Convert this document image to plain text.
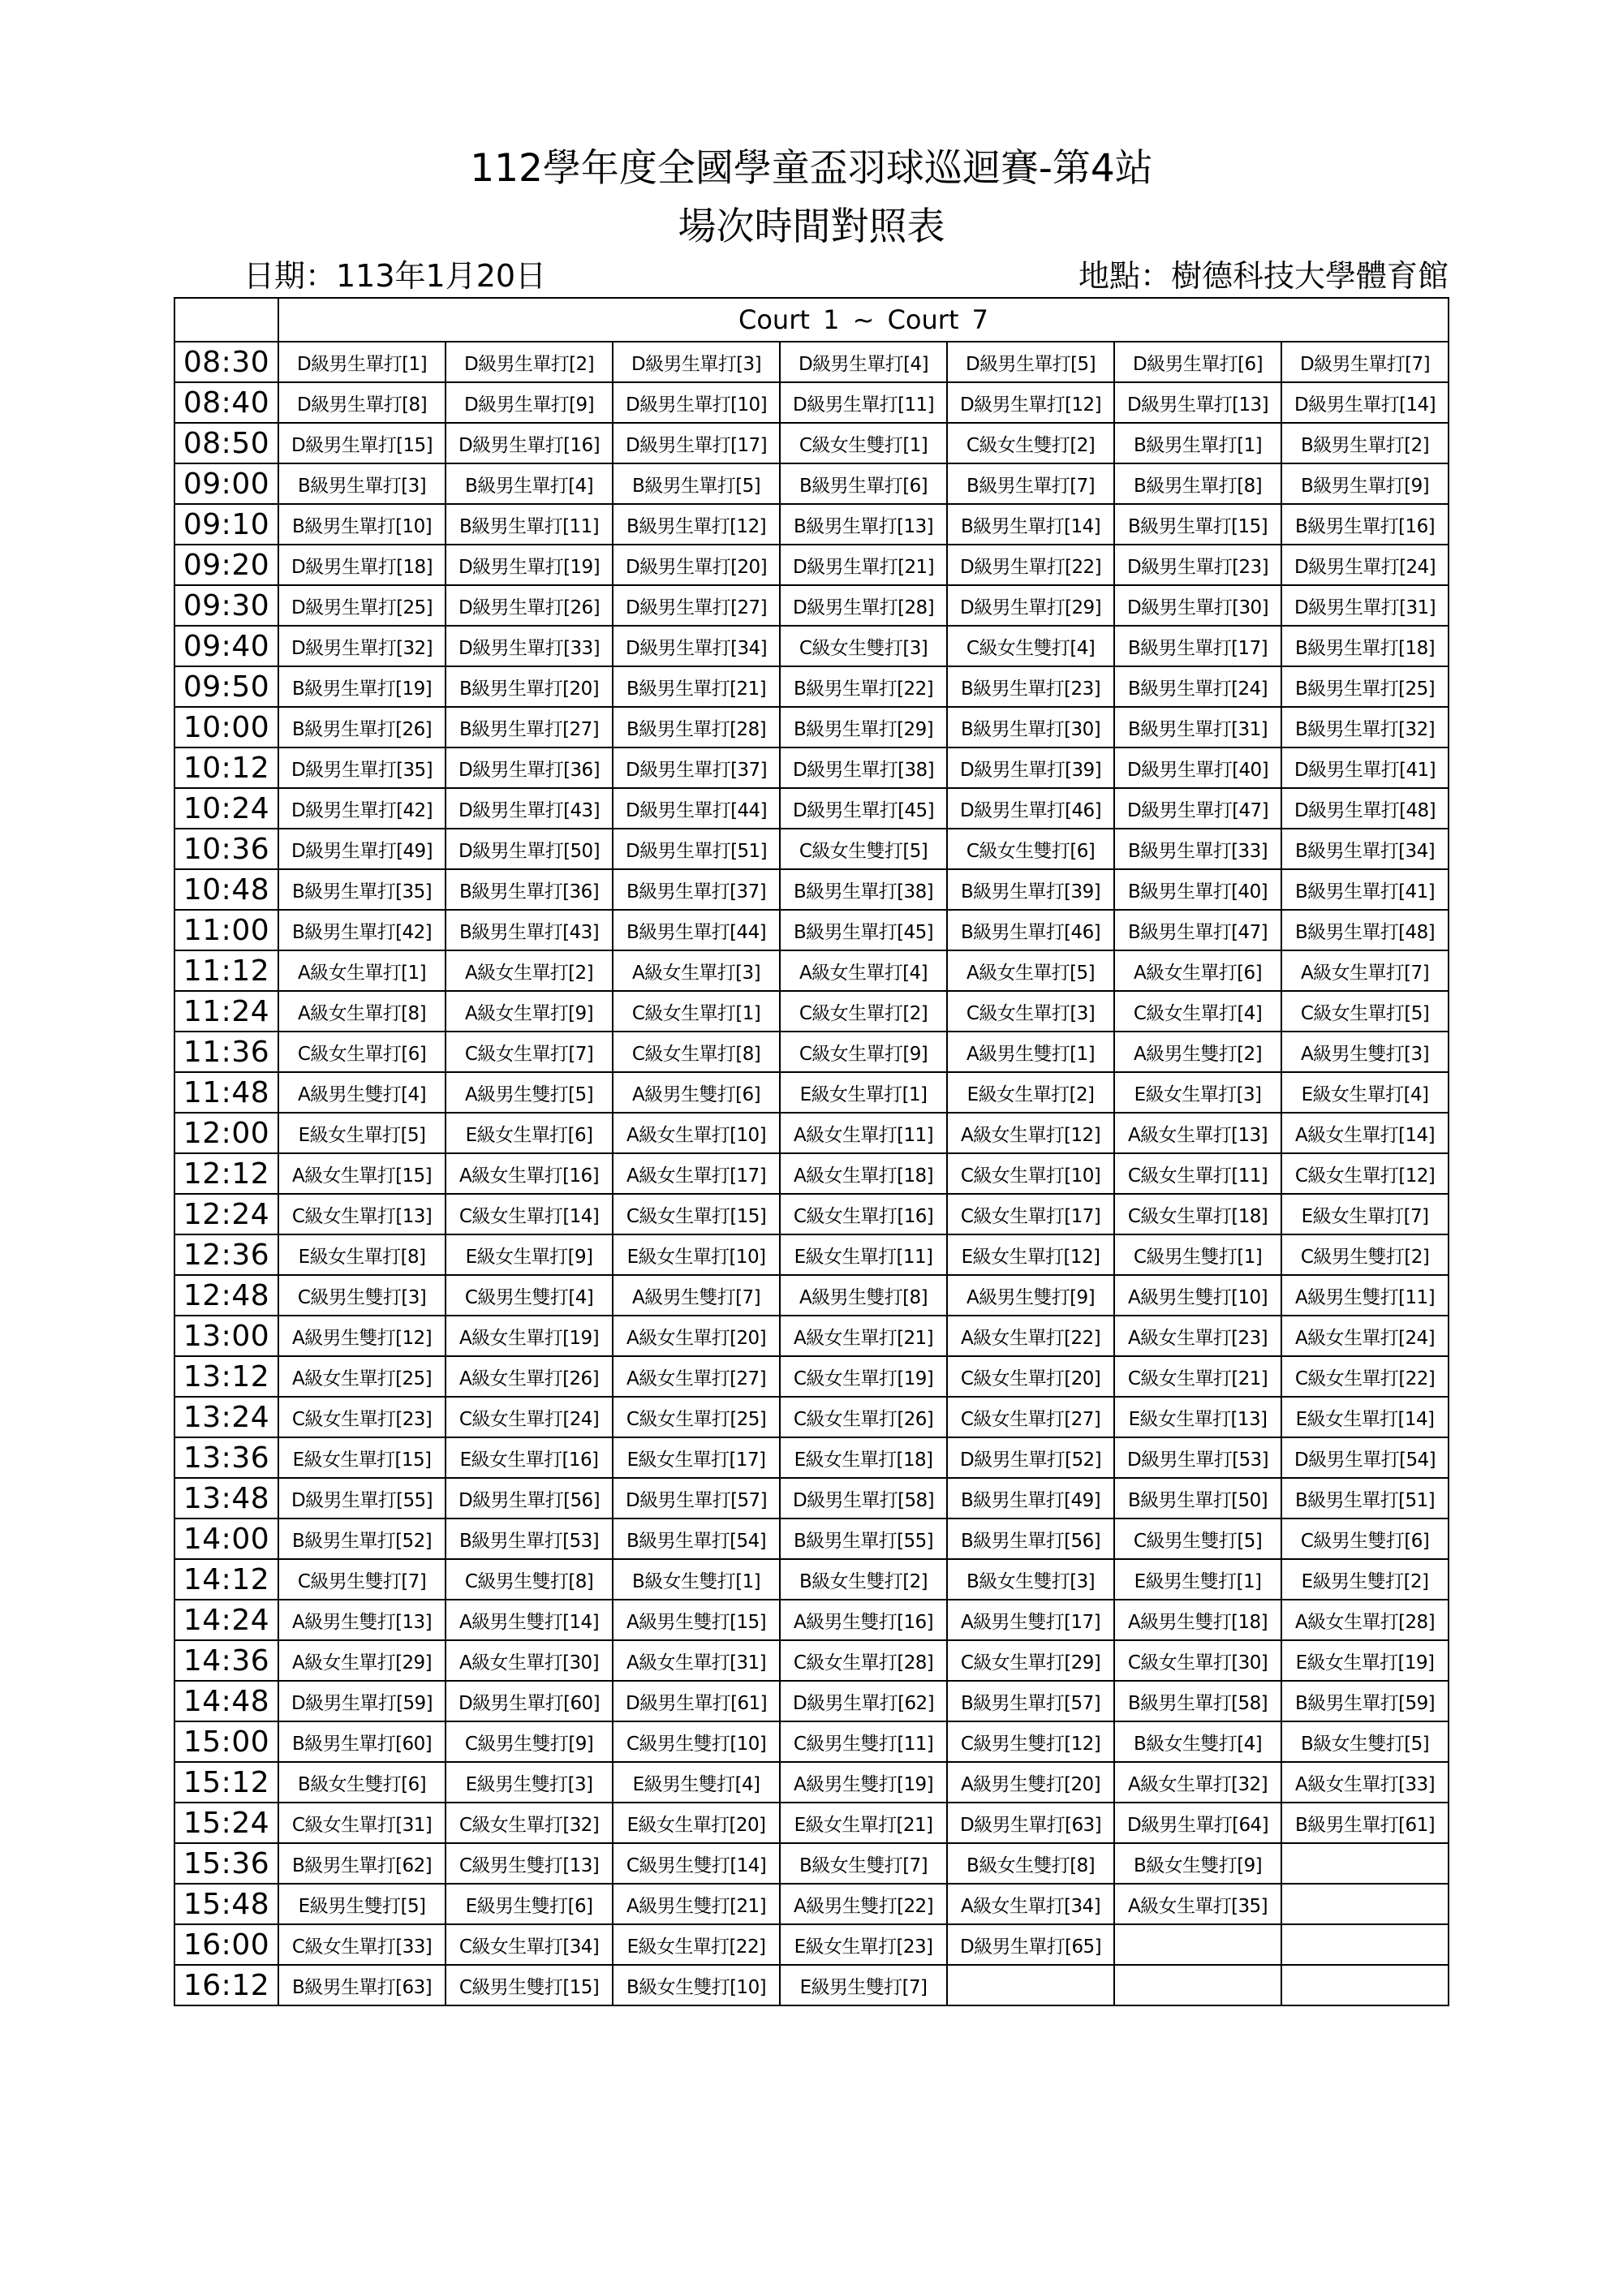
112學年度全國學童盃羽球巡迴賽-第4站
場次時間對照表
日期：113年1月20日	地點：樹德科技大學體育館
	Court 1 ~ Court 7						
08:30	D級男生單打[1]	D級男生單打[2]	D級男生單打[3]	D級男生單打[4]	D級男生單打[5]	D級男生單打[6]	D級男生單打[7]
08:40	D級男生單打[8]	D級男生單打[9]	D級男生單打[10]	D級男生單打[11]	D級男生單打[12]	D級男生單打[13]	D級男生單打[14]
08:50	D級男生單打[15]	D級男生單打[16]	D級男生單打[17]	C級女生雙打[1]	C級女生雙打[2]	B級男生單打[1]	B級男生單打[2]
09:00	B級男生單打[3]	B級男生單打[4]	B級男生單打[5]	B級男生單打[6]	B級男生單打[7]	B級男生單打[8]	B級男生單打[9]
09:10	B級男生單打[10]	B級男生單打[11]	B級男生單打[12]	B級男生單打[13]	B級男生單打[14]	B級男生單打[15]	B級男生單打[16]
09:20	D級男生單打[18]	D級男生單打[19]	D級男生單打[20]	D級男生單打[21]	D級男生單打[22]	D級男生單打[23]	D級男生單打[24]
09:30	D級男生單打[25]	D級男生單打[26]	D級男生單打[27]	D級男生單打[28]	D級男生單打[29]	D級男生單打[30]	D級男生單打[31]
09:40	D級男生單打[32]	D級男生單打[33]	D級男生單打[34]	C級女生雙打[3]	C級女生雙打[4]	B級男生單打[17]	B級男生單打[18]
09:50	B級男生單打[19]	B級男生單打[20]	B級男生單打[21]	B級男生單打[22]	B級男生單打[23]	B級男生單打[24]	B級男生單打[25]
10:00	B級男生單打[26]	B級男生單打[27]	B級男生單打[28]	B級男生單打[29]	B級男生單打[30]	B級男生單打[31]	B級男生單打[32]
10:12	D級男生單打[35]	D級男生單打[36]	D級男生單打[37]	D級男生單打[38]	D級男生單打[39]	D級男生單打[40]	D級男生單打[41]
10:24	D級男生單打[42]	D級男生單打[43]	D級男生單打[44]	D級男生單打[45]	D級男生單打[46]	D級男生單打[47]	D級男生單打[48]
10:36	D級男生單打[49]	D級男生單打[50]	D級男生單打[51]	C級女生雙打[5]	C級女生雙打[6]	B級男生單打[33]	B級男生單打[34]
10:48	B級男生單打[35]	B級男生單打[36]	B級男生單打[37]	B級男生單打[38]	B級男生單打[39]	B級男生單打[40]	B級男生單打[41]
11:00	B級男生單打[42]	B級男生單打[43]	B級男生單打[44]	B級男生單打[45]	B級男生單打[46]	B級男生單打[47]	B級男生單打[48]
11:12	A級女生單打[1]	A級女生單打[2]	A級女生單打[3]	A級女生單打[4]	A級女生單打[5]	A級女生單打[6]	A級女生單打[7]
11:24	A級女生單打[8]	A級女生單打[9]	C級女生單打[1]	C級女生單打[2]	C級女生單打[3]	C級女生單打[4]	C級女生單打[5]
11:36	C級女生單打[6]	C級女生單打[7]	C級女生單打[8]	C級女生單打[9]	A級男生雙打[1]	A級男生雙打[2]	A級男生雙打[3]
11:48	A級男生雙打[4]	A級男生雙打[5]	A級男生雙打[6]	E級女生單打[1]	E級女生單打[2]	E級女生單打[3]	E級女生單打[4]
12:00	E級女生單打[5]	E級女生單打[6]	A級女生單打[10]	A級女生單打[11]	A級女生單打[12]	A級女生單打[13]	A級女生單打[14]
12:12	A級女生單打[15]	A級女生單打[16]	A級女生單打[17]	A級女生單打[18]	C級女生單打[10]	C級女生單打[11]	C級女生單打[12]
12:24	C級女生單打[13]	C級女生單打[14]	C級女生單打[15]	C級女生單打[16]	C級女生單打[17]	C級女生單打[18]	E級女生單打[7]
12:36	E級女生單打[8]	E級女生單打[9]	E級女生單打[10]	E級女生單打[11]	E級女生單打[12]	C級男生雙打[1]	C級男生雙打[2]
12:48	C級男生雙打[3]	C級男生雙打[4]	A級男生雙打[7]	A級男生雙打[8]	A級男生雙打[9]	A級男生雙打[10]	A級男生雙打[11]
13:00	A級男生雙打[12]	A級女生單打[19]	A級女生單打[20]	A級女生單打[21]	A級女生單打[22]	A級女生單打[23]	A級女生單打[24]
13:12	A級女生單打[25]	A級女生單打[26]	A級女生單打[27]	C級女生單打[19]	C級女生單打[20]	C級女生單打[21]	C級女生單打[22]
13:24	C級女生單打[23]	C級女生單打[24]	C級女生單打[25]	C級女生單打[26]	C級女生單打[27]	E級女生單打[13]	E級女生單打[14]
13:36	E級女生單打[15]	E級女生單打[16]	E級女生單打[17]	E級女生單打[18]	D級男生單打[52]	D級男生單打[53]	D級男生單打[54]
13:48	D級男生單打[55]	D級男生單打[56]	D級男生單打[57]	D級男生單打[58]	B級男生單打[49]	B級男生單打[50]	B級男生單打[51]
14:00	B級男生單打[52]	B級男生單打[53]	B級男生單打[54]	B級男生單打[55]	B級男生單打[56]	C級男生雙打[5]	C級男生雙打[6]
14:12	C級男生雙打[7]	C級男生雙打[8]	B級女生雙打[1]	B級女生雙打[2]	B級女生雙打[3]	E級男生雙打[1]	E級男生雙打[2]
14:24	A級男生雙打[13]	A級男生雙打[14]	A級男生雙打[15]	A級男生雙打[16]	A級男生雙打[17]	A級男生雙打[18]	A級女生單打[28]
14:36	A級女生單打[29]	A級女生單打[30]	A級女生單打[31]	C級女生單打[28]	C級女生單打[29]	C級女生單打[30]	E級女生單打[19]
14:48	D級男生單打[59]	D級男生單打[60]	D級男生單打[61]	D級男生單打[62]	B級男生單打[57]	B級男生單打[58]	B級男生單打[59]
15:00	B級男生單打[60]	C級男生雙打[9]	C級男生雙打[10]	C級男生雙打[11]	C級男生雙打[12]	B級女生雙打[4]	B級女生雙打[5]
15:12	B級女生雙打[6]	E級男生雙打[3]	E級男生雙打[4]	A級男生雙打[19]	A級男生雙打[20]	A級女生單打[32]	A級女生單打[33]
15:24	C級女生單打[31]	C級女生單打[32]	E級女生單打[20]	E級女生單打[21]	D級男生單打[63]	D級男生單打[64]	B級男生單打[61]
15:36	B級男生單打[62]	C級男生雙打[13]	C級男生雙打[14]	B級女生雙打[7]	B級女生雙打[8]	B級女生雙打[9]	
15:48	E級男生雙打[5]	E級男生雙打[6]	A級男生雙打[21]	A級男生雙打[22]	A級女生單打[34]	A級女生單打[35]	
16:00	C級女生單打[33]	C級女生單打[34]	E級女生單打[22]	E級女生單打[23]	D級男生單打[65]		
16:12	B級男生單打[63]	C級男生雙打[15]	B級女生雙打[10]	E級男生雙打[7]			
